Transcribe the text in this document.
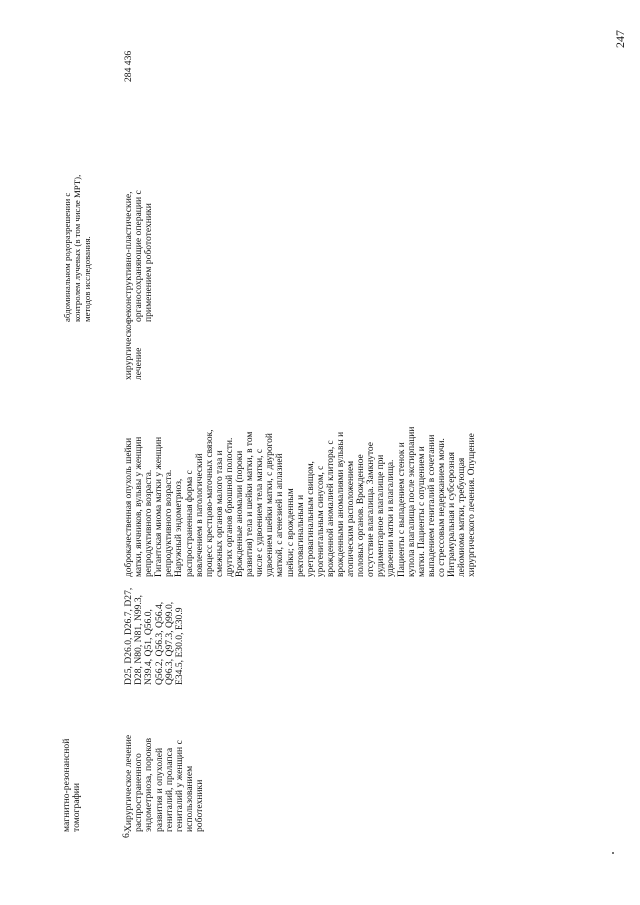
247
магнитно-резонансной томографии
абдоминальном родоразрешении с контролем лучевых (в том числе МРТ), методов исследования.
6.
Хирургическое лечение распространенного эндометриоза, пороков развития и опухолей гениталий, пролапса гениталий у женщин с использованием роботехники
D25, D26.0, D26.7, D27, D28, N80, N81, N99.3, N39.4, Q51, Q56.0, Q56.2, Q56.3, Q56.4, Q96.3, Q97.3, Q99.0, E34.5, E30.0, E30.9
доброкачественная опухоль шейки матки, яичников, вульвы у женщин репродуктивного возраста. Гигантская миома матки у женщин репродуктивного возраста. Наружный эндометриоз, распространенная форма с вовлечением в патологический процесс крестцово-маточных связок, смежных органов малого таза и других органов брюшной полости. Врожденные аномалии (пороки развития) тела и шейки матки, в том числе с удвоением тела матки, с удвоением шейки матки, с двурогой маткой, с агенезией и аплазией шейки; с врожденным ректовагинальным и уретровагинальным свищом, урогенитальным синусом, с врожденной аномалией клитора, с врожденными аномалиями вульвы и атопическим расположением половых органов. Врожденное отсутствие влагалища. Замкнутое рудиментарное влагалище при удвоении матки и влагалища. Пациенты с выпадением стенок и купола влагалища после экстирпации матки. Пациенты с опущением и выпадением гениталий в сочетании со стрессовым недержанием мочи. Интрамуральная и субсерозная лейомиома матки, требующая хирургического лечения. Опущение
хирургическое лечение
реконструктивно-пластические, органосохраняющие операции с применением робототехники
284 436
